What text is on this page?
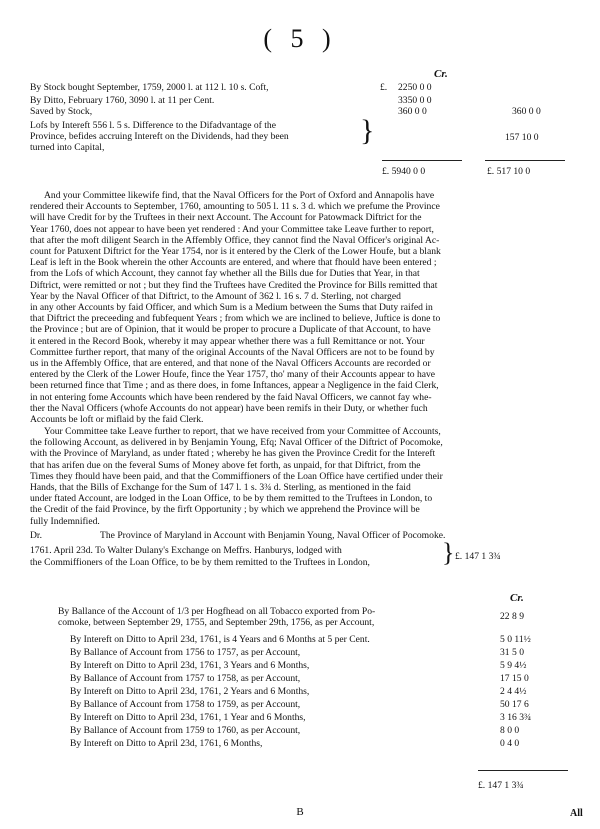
( 5 )
Cr.
By Stock bought September, 1759, 2000 l. at 112 l. 10 s. Coft,	£. 2250 0 0
By Ditto, February 1760, 3090 l. at 11 per Cent.	3350 0 0
Saved by Stock,	360 0 0	360 0 0
Lofs by Intereft 556 l. 5 s. Difference to the Difadvantage of the
Province, befides accruing Intereft on the Dividends, had they been
turned into Capital,
}	157 10 0
£. 5940 0 0	£. 517 10 0
And your Committee likewife find, that the Naval Officers for the Port of Oxford and Annapolis have
rendered their Accounts to September, 1760, amounting to 505 l. 11 s. 3 d. which we prefume the Province
will have Credit for by the Truftees in their next Account. The Account for Patowmack Diftrict for the
Year 1760, does not appear to have been yet rendered : And your Committee take Leave further to report,
that after the moft diligent Search in the Affembly Office, they cannot find the Naval Officer's original Ac-
count for Patuxent Diftrict for the Year 1754, nor is it entered by the Clerk of the Lower Houfe, but a blank
Leaf is left in the Book wherein the other Accounts are entered, and where that fhould have been entered ;
from the Lofs of which Account, they cannot fay whether all the Bills due for Duties that Year, in that
Diftrict, were remitted or not ; but they find the Truftees have Credited the Province for Bills remitted that
Year by the Naval Officer of that Diftrict, to the Amount of 362 l. 16 s. 7 d. Sterling, not charged
in any other Accounts by faid Officer, and which Sum is a Medium between the Sums that Duty raifed in
that Diftrict the preceeding and fubfequent Years ; from which we are inclined to believe, Juftice is done to
the Province ; but are of Opinion, that it would be proper to procure a Duplicate of that Account, to have
it entered in the Record Book, whereby it may appear whether there was a full Remittance or not. Your
Committee further report, that many of the original Accounts of the Naval Officers are not to be found by
us in the Affembly Office, that are entered, and that none of the Naval Officers Accounts are recorded or
entered by the Clerk of the Lower Houfe, fince the Year 1757, tho' many of their Accounts appear to have
been returned fince that Time ; and as there does, in fome Inftances, appear a Negligence in the faid Clerk,
in not entering fome Accounts which have been rendered by the faid Naval Officers, we cannot fay whe-
ther the Naval Officers (whofe Accounts do not appear) have been remifs in their Duty, or whether fuch
Accounts be loft or miflaid by the faid Clerk.
Your Committee take Leave further to report, that we have received from your Committee of Accounts,
the following Account, as delivered in by Benjamin Young, Efq; Naval Officer of the Diftrict of Pocomoke,
with the Province of Maryland, as under ftated ; whereby he has given the Province Credit for the Intereft
that has arifen due on the feveral Sums of Money above fet forth, as unpaid, for that Diftrict, from the
Times they fhould have been paid, and that the Commiffioners of the Loan Office have certified under their
Hands, that the Bills of Exchange for the Sum of 147 l. 1 s. 3¾ d. Sterling, as mentioned in the faid
under ftated Account, are lodged in the Loan Office, to be by them remitted to the Truftees in London, to
the Credit of the faid Province, by the firft Opportunity ; by which we apprehend the Province will be
fully Indemnified.
Dr.	The Province of Maryland in Account with Benjamin Young, Naval Officer of Pocomoke.
1761. April 23d. To Walter Dulany's Exchange on Meffrs. Hanburys, lodged with
the Commiffioners of the Loan Office, to be by them remitted to the Truftees in London,	} £. 147 1 3¾
Cr.
By Ballance of the Account of 1/3 per Hogfhead on all Tobacco exported from Po-
comoke, between September 29, 1755, and September 29th, 1756, as per Account,
22 8 9
By Intereft on Ditto to April 23d, 1761, is 4 Years and 6 Months at 5 per Cent.	5 0 11½
By Ballance of Account from 1756 to 1757, as per Account,	31 5 0
By Intereft on Ditto to April 23d, 1761, 3 Years and 6 Months,	5 9 4½
By Ballance of Account from 1757 to 1758, as per Account,	17 15 0
By Intereft on Ditto to April 23d, 1761, 2 Years and 6 Months,	2 4 4½
By Ballance of Account from 1758 to 1759, as per Account,	50 17 6
By Intereft on Ditto to April 23d, 1761, 1 Year and 6 Months,	3 16 3¾
By Ballance of Account from 1759 to 1760, as per Account,	8 0 0
By Intereft on Ditto to April 23d, 1761, 6 Months,	0 4 0
£. 147 1 3¾
B	All
